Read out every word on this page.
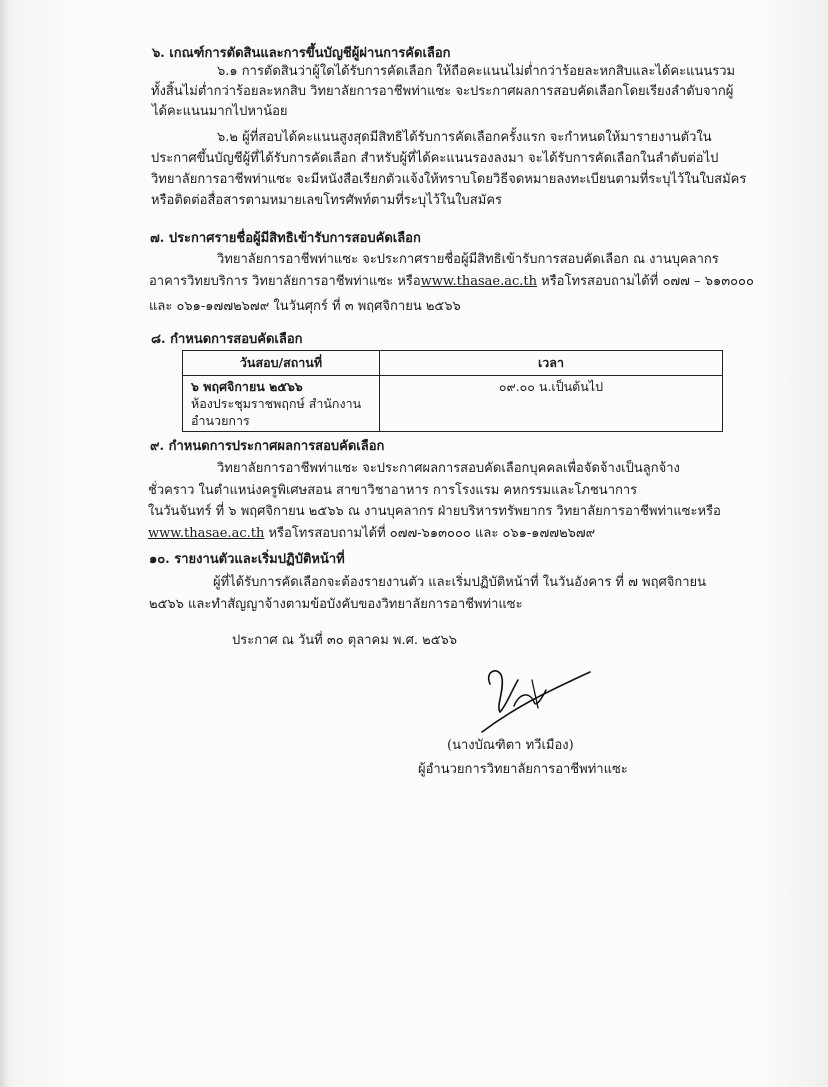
๖. เกณฑ์การตัดสินและการขึ้นบัญชีผู้ผ่านการคัดเลือก
๖.๑ การตัดสินว่าผู้ใดได้รับการคัดเลือก ให้ถือคะแนนไม่ต่ำกว่าร้อยละหกสิบและได้คะแนนรวม
ทั้งสิ้นไม่ต่ำกว่าร้อยละหกสิบ วิทยาลัยการอาชีพท่าแซะ จะประกาศผลการสอบคัดเลือกโดยเรียงลำดับจากผู้
ได้คะแนนมากไปหาน้อย
๖.๒ ผู้ที่สอบได้คะแนนสูงสุดมีสิทธิได้รับการคัดเลือกครั้งแรก จะกำหนดให้มารายงานตัวใน
ประกาศขึ้นบัญชีผู้ที่ได้รับการคัดเลือก สำหรับผู้ที่ได้คะแนนรองลงมา จะได้รับการคัดเลือกในลำดับต่อไป
วิทยาลัยการอาชีพท่าแซะ จะมีหนังสือเรียกตัวแจ้งให้ทราบโดยวิธีจดหมายลงทะเบียนตามที่ระบุไว้ในใบสมัคร
หรือติดต่อสื่อสารตามหมายเลขโทรศัพท์ตามที่ระบุไว้ในใบสมัคร
๗. ประกาศรายชื่อผู้มีสิทธิเข้ารับการสอบคัดเลือก
วิทยาลัยการอาชีพท่าแซะ จะประกาศรายชื่อผู้มีสิทธิเข้ารับการสอบคัดเลือก ณ งานบุคลากร
อาคารวิทยบริการ วิทยาลัยการอาชีพท่าแซะ หรือwww.thasae.ac.th หรือโทรสอบถามได้ที่ ๐๗๗ – ๖๑๓๐๐๐
และ ๐๖๑-๑๗๗๒๖๗๙ ในวันศุกร์ ที่ ๓ พฤศจิกายน ๒๕๖๖
๘. กำหนดการสอบคัดเลือก
วันสอบ/สถานที่	เวลา

๖ พฤศจิกายน ๒๕๖๖
ห้องประชุมราชพฤกษ์ สำนักงานอำนวยการ	๐๙.๐๐ น.เป็นต้นไป
๙. กำหนดการประกาศผลการสอบคัดเลือก
วิทยาลัยการอาชีพท่าแซะ จะประกาศผลการสอบคัดเลือกบุคคลเพื่อจัดจ้างเป็นลูกจ้าง
ชั่วคราว ในตำแหน่งครูพิเศษสอน สาขาวิชาอาหาร การโรงแรม คหกรรมและโภชนาการ
ในวันจันทร์ ที่ ๖ พฤศจิกายน ๒๕๖๖ ณ งานบุคลากร ฝ่ายบริหารทรัพยากร วิทยาลัยการอาชีพท่าแซะหรือ
www.thasae.ac.th หรือโทรสอบถามได้ที่ ๐๗๗-๖๑๓๐๐๐ และ ๐๖๑-๑๗๗๒๖๗๙
๑๐. รายงานตัวและเริ่มปฏิบัติหน้าที่
ผู้ที่ได้รับการคัดเลือกจะต้องรายงานตัว และเริ่มปฏิบัติหน้าที่ ในวันอังคาร ที่ ๗ พฤศจิกายน
๒๕๖๖ และทำสัญญาจ้างตามข้อบังคับของวิทยาลัยการอาชีพท่าแซะ
ประกาศ ณ วันที่ ๓๐ ตุลาคม พ.ศ. ๒๕๖๖
(นางบัณฑิตา ทวีเมือง)
ผู้อำนวยการวิทยาลัยการอาชีพท่าแซะ
